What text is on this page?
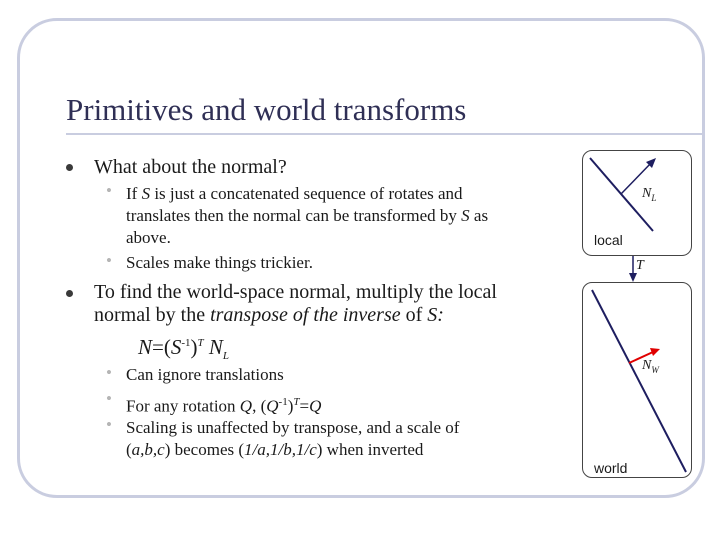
Primitives and world transforms
What about the normal?
• If S is just a concatenated sequence of rotates and
translates then the normal can be transformed by S as
above.
• Scales make things trickier.
To find the world-space normal, multiply the local
normal by the transpose of the inverse of S:
$N=(S^{-1})^T$ $N_L$
• Can ignore translations
• For any rotation Q, $(Q^{-1})^T=Q$
• Scaling is unaffected by transpose, and a scale of
(a,b,c) becomes (1/a,1/b,1/c) when inverted
$N_L$
local
T
$N_W$
world
